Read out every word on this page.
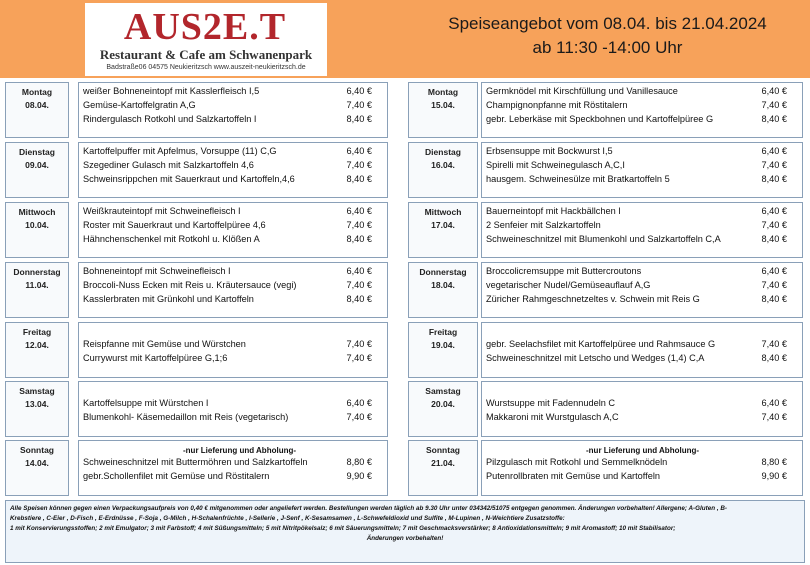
AUS2E.T
Restaurant & Cafe am Schwanenpark
Badstraße06 04575 Neukieritzsch www.auszeit-neukieritzsch.de
Speiseangebot vom 08.04. bis 21.04.2024
ab 11:30 -14:00 Uhr
Montag
08.04.
weißer Bohneneintopf mit Kasslerfleisch I,5	6,40 €
Gemüse-Kartoffelgratin A,G	7,40 €
Rindergulasch Rotkohl und Salzkartoffeln I	8,40 €
Dienstag
09.04.
Kartoffelpuffer mit Apfelmus, Vorsuppe (11) C,G	6,40 €
Szegediner Gulasch mit Salzkartoffeln 4,6	7,40 €
Schweinsrippchen mit Sauerkraut und Kartoffeln,4,6	8,40 €
Mittwoch
10.04.
Weißkrauteintopf mit Schweinefleisch I	6,40 €
Roster mit Sauerkraut und Kartoffelpüree 4,6	7,40 €
Hähnchenschenkel mit Rotkohl u. Klößen A	8,40 €
Donnerstag
11.04.
Bohneneintopf mit Schweinefleisch I	6,40 €
Broccoli-Nuss Ecken mit Reis u. Kräutersauce (vegi)	7,40 €
Kasslerbraten mit Grünkohl und Kartoffeln	8,40 €
Freitag
12.04.	Reispfanne mit Gemüse und Würstchen	7,40 €
Currywurst mit Kartoffelpüree G,1;6	7,40 €
Samstag
13.04.	Kartoffelsuppe mit Würstchen I	6,40 €
Blumenkohl- Käsemedaillon mit Reis (vegetarisch)	7,40 €
Sonntag
14.04.
-nur Lieferung und Abholung-
Schweineschnitzel mit Buttermöhren und Salzkartoffeln	8,80 €
gebr.Schollenfilet mit Gemüse und Röstitalern	9,90 €
Montag
15.04.
Germknödel mit Kirschfüllung und Vanillesauce	6,40 €
Champignonpfanne mit Röstitalern	7,40 €
gebr. Leberkäse mit Speckbohnen und Kartoffelpüree G	8,40 €
Dienstag
16.04.
Erbsensuppe mit Bockwurst I,5	6,40 €
Spirelli mit Schweinegulasch A,C,I	7,40 €
hausgem. Schweinesülze mit Bratkartoffeln 5	8,40 €
Mittwoch
17.04.
Bauerneintopf mit Hackbällchen I	6,40 €
2 Senfeier mit Salzkartoffeln	7,40 €
Schweineschnitzel mit Blumenkohl und Salzkartoffeln C,A	8,40 €
Donnerstag
18.04.
Broccolicremsuppe mit Buttercroutons	6,40 €
vegetarischer Nudel/Gemüseauflauf A,G	7,40 €
Züricher Rahmgeschnetzeltes v. Schwein mit Reis G	8,40 €
Freitag
19.04.	gebr. Seelachsfilet mit Kartoffelpüree und Rahmsauce G	7,40 €
Schweineschnitzel mit Letscho und Wedges (1,4) C,A	8,40 €
Samstag
20.04.	Wurstsuppe mit Fadennudeln C	6,40 €
Makkaroni mit Wurstgulasch A,C	7,40 €
Sonntag
21.04.
-nur Lieferung und Abholung-
Pilzgulasch mit Rotkohl und Semmelknödeln	8,80 €
Putenrollbraten mit Gemüse und Kartoffeln	9,90 €
Alle Speisen können gegen einen Verpackungsaufpreis von 0,40 € mitgenommen oder angeliefert werden. Bestellungen werden täglich ab 9.30 Uhr unter 034342/51075 entgegen genommen. Änderungen vorbehalten! Allergene; A-Gluten , B-
Krebstiere , C-Eier , D-Fisch , E-Erdnüsse , F-Soja , G-Milch , H-Schalenfrüchte , I-Sellerie , J-Senf , K-Sesamsamen , L-Schwefeldioxid und Sulfite , M-Lupinen , N-Weichtiere Zusatzstoffe:
1 mit Konservierungsstoffen; 2 mit Emulgator; 3 mit Farbstoff; 4 mit Süßungsmitteln; 5 mit Nitritpökelsalz; 6 mit Säuerungsmitteln; 7 mit Geschmacksverstärker; 8 Antioxidationsmitteln; 9 mit Aromastoff; 10 mit Stabilisator;
Änderungen vorbehalten!
